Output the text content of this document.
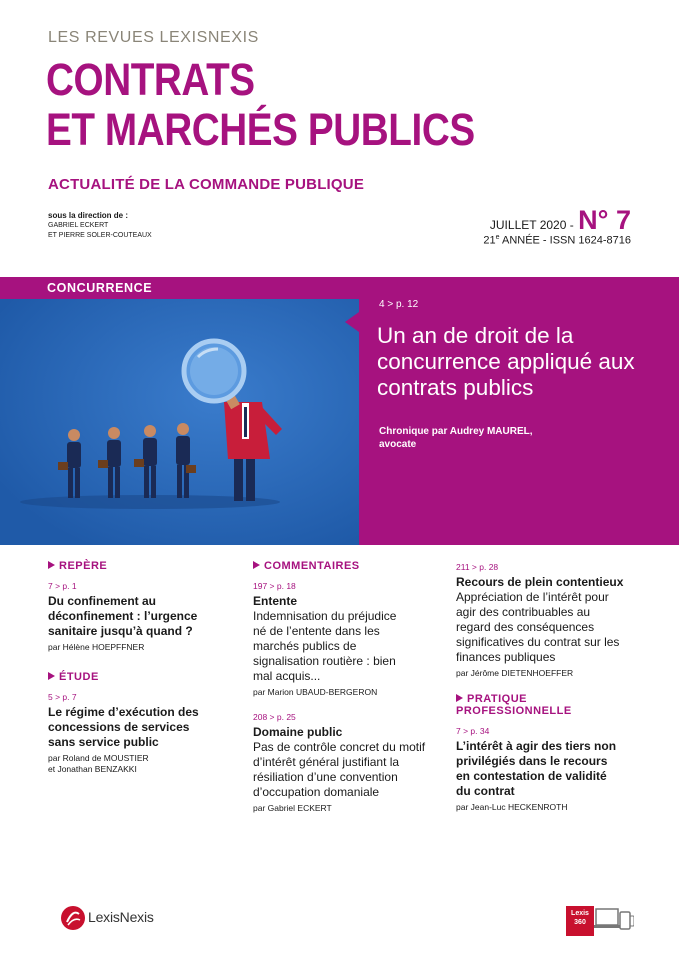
LES REVUES LEXISNEXIS
CONTRATS
ET MARCHÉS PUBLICS
ACTUALITÉ DE LA COMMANDE PUBLIQUE
sous la direction de :
GABRIEL ECKERT
ET PIERRE SOLER-COUTEAUX
JUILLET 2020 - N° 7
21e ANNÉE - ISSN 1624-8716
CONCURRENCE
4 > p. 12
Un an de droit de la concurrence appliqué aux contrats publics
Chronique par Audrey MAUREL,
avocate
REPÈRE
7 > p. 1
Du confinement au déconfinement : l’urgence sanitaire jusqu’à quand ?
par Hélène HOEPFFNER
ÉTUDE
5 > p. 7
Le régime d’exécution des concessions de services sans service public
par Roland de MOUSTIER
et Jonathan BENZAKKI
COMMENTAIRES
197 > p. 18
Entente
Indemnisation du préjudice né de l’entente dans les marchés publics de signalisation routière : bien mal acquis...
par Marion UBAUD-BERGERON
208 > p. 25
Domaine public
Pas de contrôle concret du motif d’intérêt général justifiant la résiliation d’une convention d’occupation domaniale
par Gabriel ECKERT
211 > p. 28
Recours de plein contentieux
Appréciation de l’intérêt pour agir des contribuables au regard des conséquences significatives du contrat sur les finances publiques
par Jérôme DIETENHOEFFER
PRATIQUE
PROFESSIONNELLE
7 > p. 34
L’intérêt à agir des tiers non privilégiés dans le recours en contestation de validité du contrat
par Jean-Luc HECKENROTH
LexisNexis	Lexis
360
